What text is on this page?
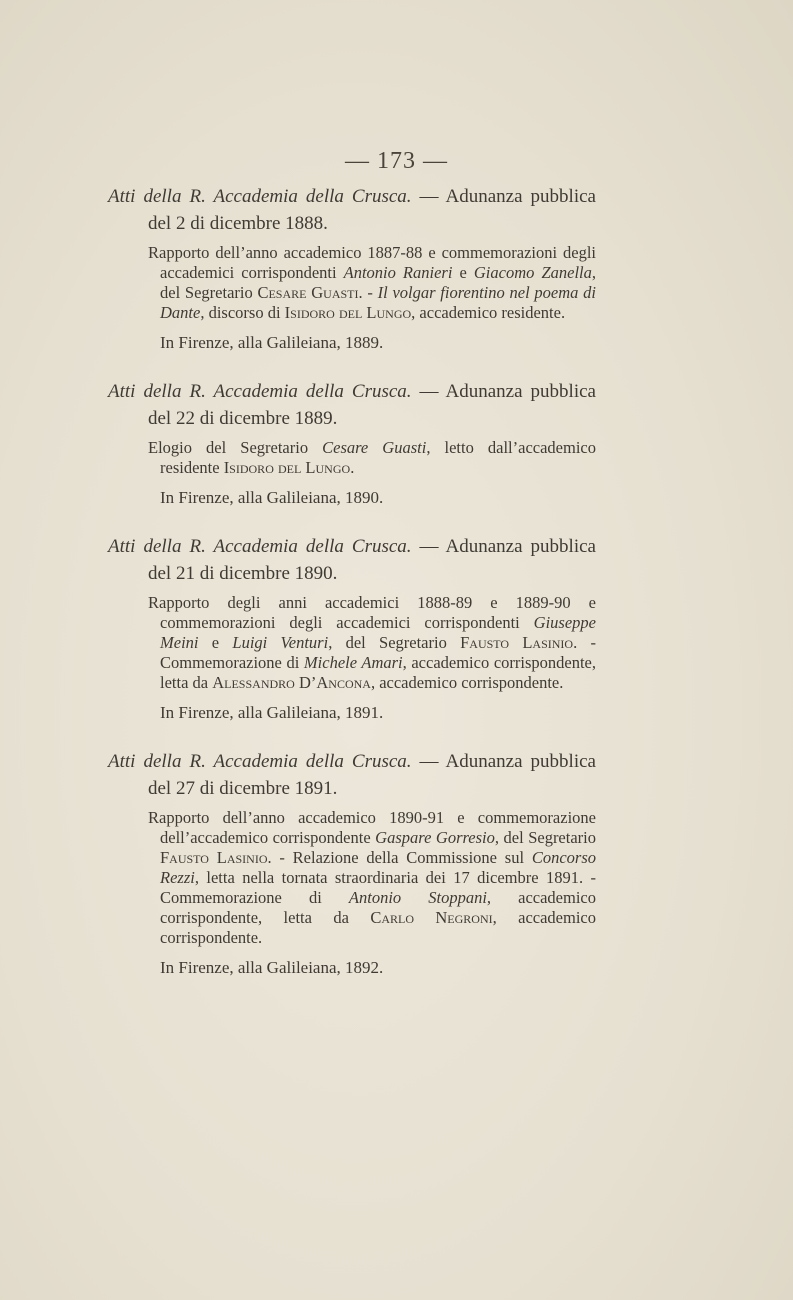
— 173 —

Atti della R. Accademia della Crusca. — Adunanza pubblica del 2 di dicembre 1888.

Rapporto dell’anno accademico 1887-88 e commemorazioni degli accademici corrispondenti Antonio Ranieri e Giacomo Zanella, del Segretario Cesare Guasti. - Il volgar fiorentino nel poema di Dante, discorso di Isidoro del Lungo, accademico residente.

In Firenze, alla Galileiana, 1889.

Atti della R. Accademia della Crusca. — Adunanza pubblica del 22 di dicembre 1889.

Elogio del Segretario Cesare Guasti, letto dall’accademico residente Isidoro del Lungo.

In Firenze, alla Galileiana, 1890.

Atti della R. Accademia della Crusca. — Adunanza pubblica del 21 di dicembre 1890.

Rapporto degli anni accademici 1888-89 e 1889-90 e commemorazioni degli accademici corrispondenti Giuseppe Meini e Luigi Venturi, del Segretario Fausto Lasinio. - Commemorazione di Michele Amari, accademico corrispondente, letta da Alessandro D’Ancona, accademico corrispondente.

In Firenze, alla Galileiana, 1891.

Atti della R. Accademia della Crusca. — Adunanza pubblica del 27 di dicembre 1891.

Rapporto dell’anno accademico 1890-91 e commemorazione dell’accademico corrispondente Gaspare Gorresio, del Segretario Fausto Lasinio. - Relazione della Commissione sul Concorso Rezzi, letta nella tornata straordinaria dei 17 dicembre 1891. - Commemorazione di Antonio Stoppani, accademico corrispondente, letta da Carlo Negroni, accademico corrispondente.

In Firenze, alla Galileiana, 1892.
